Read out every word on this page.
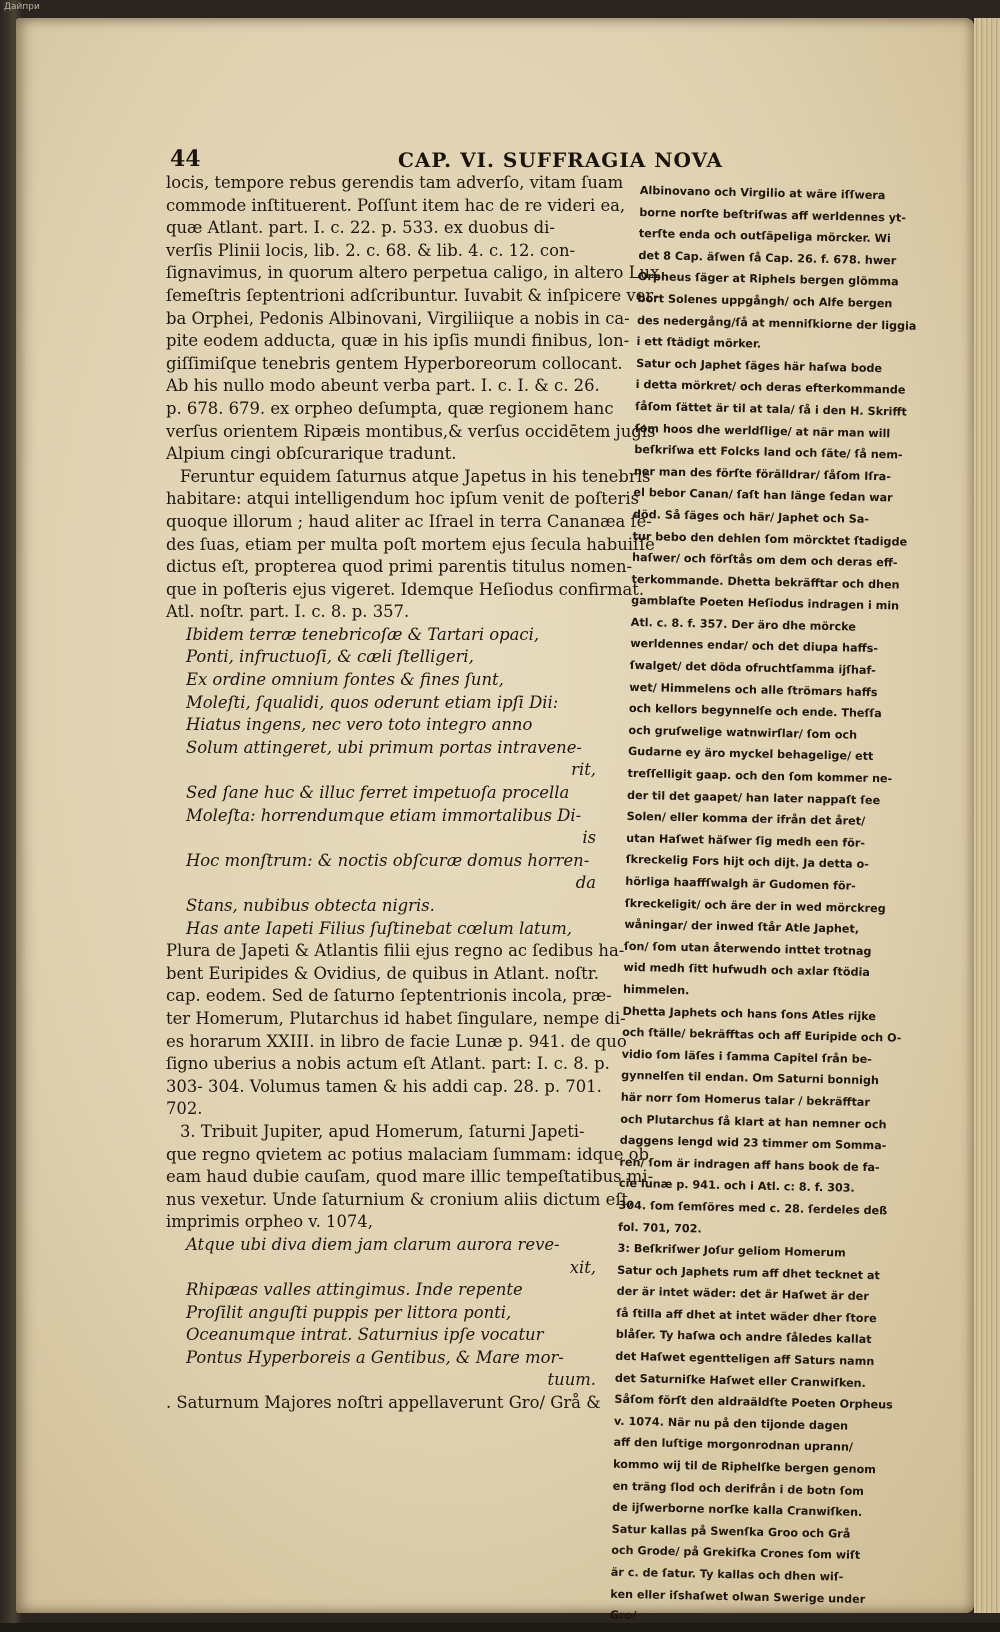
Дайпри
44	CAP. VI. SUFFRAGIA NOVA
locis, tempore rebus gerendis tam adverſo, vitam ſuam
commode inſtituerent. Poſſunt item hac de re videri ea,
quæ Atlant. part. I. c. 22. p. 533. ex duobus di-
verſis Plinii locis, lib. 2. c. 68. & lib. 4. c. 12. con-
ſignavimus, in quorum altero perpetua caligo, in altero Lux
ſemeſtris ſeptentrioni adſcribuntur. Iuvabit & inſpicere ver-
ba Orphei, Pedonis Albinovani, Virgiliique a nobis in ca-
pite eodem adducta, quæ in his ipſis mundi finibus, lon-
giſſimiſque tenebris gentem Hyperboreorum collocant.
Ab his nullo modo abeunt verba part. I. c. I. & c. 26.
p. 678. 679. ex orpheo deſumpta, quæ regionem hanc
verſus orientem Ripæis montibus,& verſus occidētem jugis
Alpium cingi obſcurarique tradunt.
Feruntur equidem ſaturnus atque Japetus in his tenebris
habitare: atqui intelligendum hoc ipſum venit de poſteris
quoque illorum ; haud aliter ac Iſrael in terra Cananæa ſe-
des ſuas, etiam per multa poſt mortem ejus ſecula habuiſſe
dictus eſt, propterea quod primi parentis titulus nomen-
que in poſteris ejus vigeret. Idemque Heſiodus confirmat.
Atl. noſtr. part. I. c. 8. p. 357.
Ibidem terræ tenebricoſæ & Tartari opaci,
Ponti, infructuoſi, & cæli ſtelligeri,
Ex ordine omnium fontes & fines ſunt,
Moleſti, ſqualidi, quos oderunt etiam ipſi Dii:
Hiatus ingens, nec vero toto integro anno
Solum attingeret, ubi primum portas intravene-
rit,
Sed ſane huc & illuc ferret impetuoſa procella
Moleſta: horrendumque etiam immortalibus Di-
is
Hoc monſtrum: & noctis obſcuræ domus horren-
da
Stans, nubibus obtecta nigris.
Has ante Iapeti Filius ſuſtinebat cœlum latum,
Plura de Japeti & Atlantis filii ejus regno ac ſedibus ha-
bent Euripides & Ovidius, de quibus in Atlant. noſtr.
cap. eodem. Sed de ſaturno ſeptentrionis incola, præ-
ter Homerum, Plutarchus id habet ſingulare, nempe di-
es horarum XXIII. in libro de facie Lunæ p. 941. de quo
ſigno uberius a nobis actum eſt Atlant. part: I. c. 8. p.
303- 304. Volumus tamen & his addi cap. 28. p. 701.
702.
3. Tribuit Jupiter, apud Homerum, ſaturni Japeti-
que regno qvietem ac potius malaciam ſummam: idque ob
eam haud dubie cauſam, quod mare illic tempeſtatibus mi-
nus vexetur. Unde ſaturnium & cronium aliis dictum eſt,
imprimis orpheo v. 1074,
Atque ubi diva diem jam clarum aurora reve-
xit,
Rhipæas valles attingimus. Inde repente
Proſilit anguſti puppis per littora ponti,
Oceanumque intrat. Saturnius ipſe vocatur
Pontus Hyperboreis a Gentibus, & Mare mor-
tuum.
. Saturnum Majores noſtri appellaverunt Gro/ Grå &
Albinovano och Virgilio at wäre iſſwera
borne norſte beſtriſwas aff werldennes yt-
terſte enda och outſäpeliga mörcker. Wi
det 8 Cap. äſwen ſå Cap. 26. f. 678. hwer
Orpheus ſäger at Riphels bergen glömma
bort Solenes uppgångh/ och Alfe bergen
des nedergång/ſå at menniſkiorne der liggia
i ett ſtädigt mörker.
Satur och Japhet ſäges här haſwa bode
i detta mörkret/ och deras efterkommande
ſåſom ſättet är til at tala/ ſå i den H. Skrifft
ſom hoos dhe werldſlige/ at när man will
beſkriſwa ett Folcks land och ſäte/ ſå nem-
ner man des förſte förälldrar/ ſåſom Iſra-
el bebor Canan/ ſaſt han länge ſedan war
död. Så ſäges och här/ Japhet och Sa-
tur bebo den dehlen ſom mörcktet ſtadigde
haſwer/ och förſtås om dem och deras eff-
terkommande. Dhetta bekräfftar och dhen
gamblaſte Poeten Heſiodus indragen i min
Atl. c. 8. f. 357. Der äro dhe mörcke
werldennes endar/ och det diupa haffs-
ſwalget/ det döda ofruchtſamma ijſhaf-
wet/ Himmelens och alle ſtrömars haffs
och kellors begynnelſe och ende. Theſſa
och gruſwelige watnwirſlar/ ſom och
Gudarne ey äro myckel behagelige/ ett
treſſelligit gaap. och den ſom kommer ne-
der til det gaapet/ han later nappaſt ſee
Solen/ eller komma der ifrån det året/
utan Haſwet häſwer ſig medh een för-
ſkreckelig Fors hijt och dijt. Ja detta o-
hörliga haaffſwalgh är Gudomen för-
ſkreckeligit/ och äre der in wed mörckreg
wåningar/ der inwed ſtår Atle Japhet,
ſon/ ſom utan återwendo inttet trotnag
wid medh ſitt hufwudh och axlar ſtödia
himmelen.
Dhetta Japhets och hans ſons Atles rijke
och ſtälle/ bekräfftas och aff Euripide och O-
vidio ſom läſes i ſamma Capitel ſrån be-
gynnelſen til endan. Om Saturni bonnigh
här norr ſom Homerus talar / bekräfftar
och Plutarchus ſå klart at han nemner och
daggens lengd wid 23 timmer om Somma-
ren/ ſom är indragen aff hans book de fa-
cie lunæ p. 941. och i Atl. c: 8. f. 303.
304. ſom ſemſöres med c. 28. ſerdeles deß
fol. 701, 702.
3: Beſkriſwer Joſur geliom Homerum
Satur och Japhets rum aff dhet tecknet at
der är intet wäder: det är Haſwet är der
ſå ſtilla aff dhet at intet wäder dher ſtore
blåſer. Ty haſwa och andre ſåledes kallat
det Haſwet egentteligen aff Saturs namn
det Saturniſke Haſwet eller Cranwiſken.
Såſom förſt den aldraäldſte Poeten Orpheus
v. 1074. När nu på den tijonde dagen
aff den luſtige morgonrodnan uprann/
kommo wij til de Riphelſke bergen genom
en träng ſlod och derifrån i de botn ſom
de ijſwerborne norſke kalla Cranwiſken.
Satur kallas på Swenſka Groo och Grå
och Grode/ på Grekiſka Crones ſom wiſt
är c. de ſatur. Ty kallas och dhen wiſ-
ken eller iſshaſwet olwan Swerige under
Gro/
